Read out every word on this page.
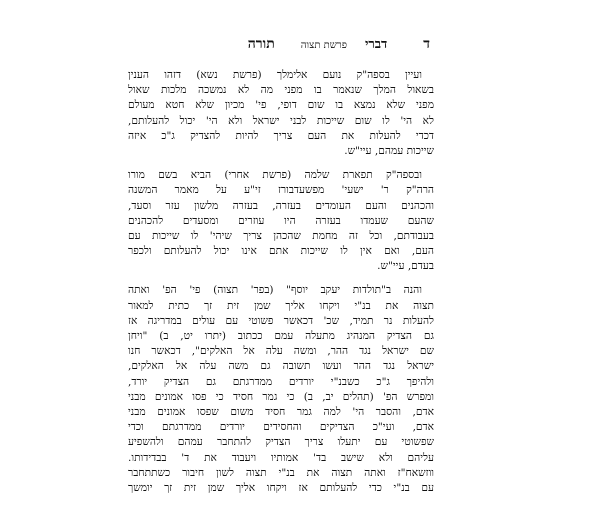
ד
דברי
פרשת תצוה
תורה
ועיין בספה"ק נועם אלימלך (פרשת נשא) דזהו הענין
בשאול המלך שנאמר בו מפני מה לא נמשכה מלכות שאול
מפני שלא נמצא בו שום דופי, פי' מכיון שלא חטא מעולם
לא הי' לו שום שייכות לבני ישראל ולא הי' יכול להעלותם,
דכדי להעלות את העם צריך להיות להצדיק ג"כ איזה
שייכות עמהם, עיי"ש.
ובספה"ק תפארת שלמה (פרשת אחרי) הביא בשם מורו
הרה"ק ר' ישעי' מפשעדבורז זי"ע על מאמר המשנה
והכהנים והעם העומדים בעזרה, בעזרה מלשון עזר וסעד,
שהעם שעמדו בעזרה היו עוזרים ומסעדים להכהנים
בעבודתם, וכל זה מחמת שהכהן צריך שיהי' לו שייכות עם
העם, ואם אין לו שייכות אתם אינו יכול להעלותם ולכפר
בעדם, עיי"ש.
והנה ב"תולדות יעקב יוסף" (בפר' תצוה) פי' הפ' ואתה
תצוה את בנ"י ויקחו אליך שמן זית זך כתית למאור
להעלות נר תמיד, שכ' דכאשר פשוטי עם עולים במדריגה אז
גם הצדיק המנהיג מתעלה עמם ככתוב (יתרו יט, ב) "ויחן
שם ישראל נגד ההר, ומשה עלה אל האלקים", דכאשר חנו
ישראל נגד ההר ועשו תשובה גם משה עלה אל האלקים,
ולהיפך ג"כ כשבנ"י יורדים ממדרגתם גם הצדיק יורד,
ומפרש הפ' (תהלים יב, ב) כי גמר חסיד כי פסו אמונים מבני
אדם, והסבר הי' למה גמר חסיד משום שפסו אמונים מבני
אדם, ועי"כ הצדיקים והחסידים יורדים ממדרגתם וכדי
שפשוטי עם יתעלו צריך הצדיק להתחבר עמהם ולהשפיע
עליהם ולא שישב בד' אמותיו ויעבוד את ד' בבדידותו.
ווזשאח"ז ואתה תצוה את בנ"י תצוה לשון חיבור כשתתחבר
עם בנ"י כדי להעלותם אז ויקחו אליך שמן זית זך יומשך
